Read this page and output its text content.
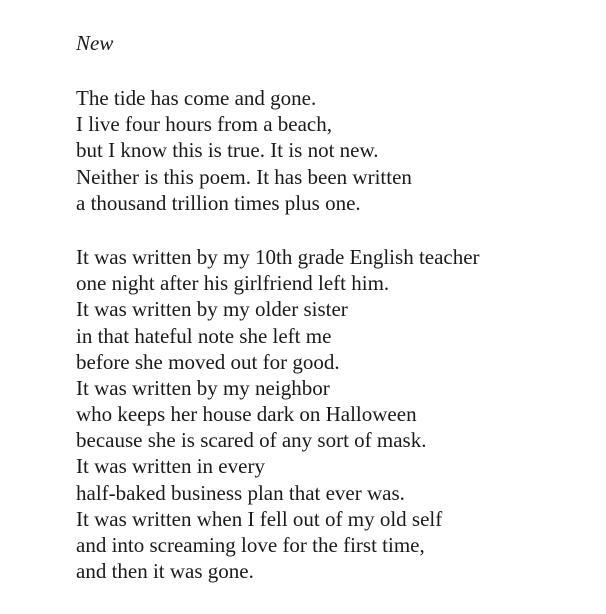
New
The tide has come and gone.
I live four hours from a beach,
but I know this is true. It is not new.
Neither is this poem. It has been written
a thousand trillion times plus one.
It was written by my 10th grade English teacher
one night after his girlfriend left him.
It was written by my older sister
in that hateful note she left me
before she moved out for good.
It was written by my neighbor
who keeps her house dark on Halloween
because she is scared of any sort of mask.
It was written in every
half-baked business plan that ever was.
It was written when I fell out of my old self
and into screaming love for the first time,
and then it was gone.
